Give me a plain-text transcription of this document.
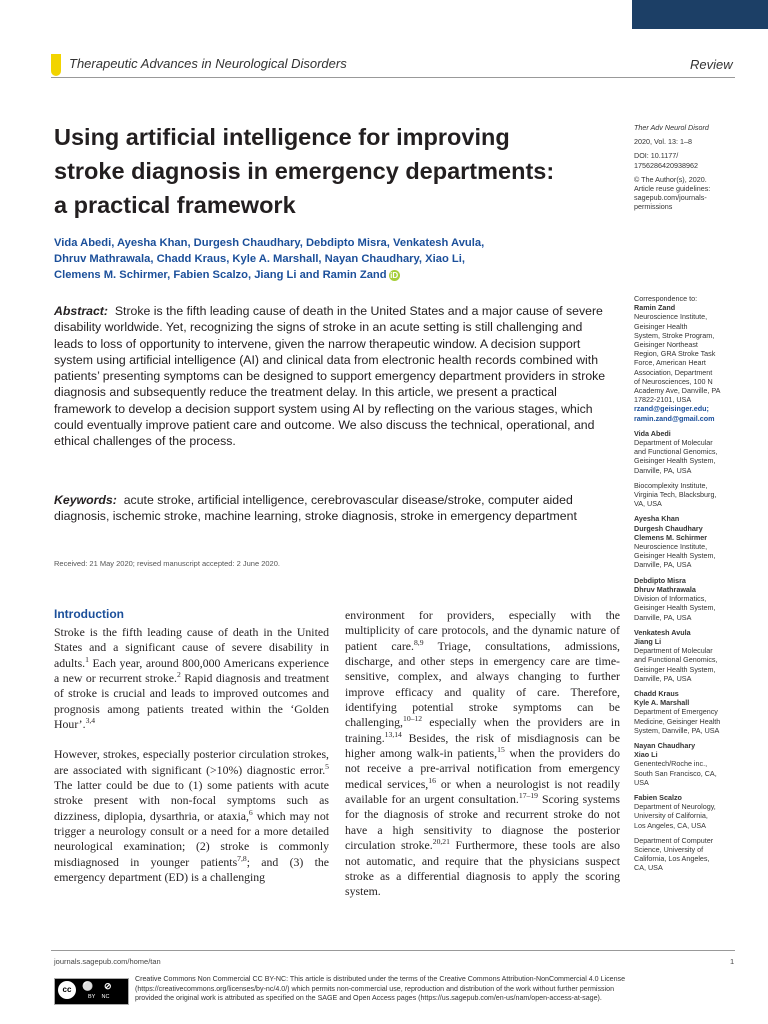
Therapeutic Advances in Neurological Disorders	Review
Using artificial intelligence for improving
stroke diagnosis in emergency departments:
a practical framework
Vida Abedi, Ayesha Khan, Durgesh Chaudhary, Debdipto Misra, Venkatesh Avula,
Dhruv Mathrawala, Chadd Kraus, Kyle A. Marshall, Nayan Chaudhary, Xiao Li,
Clemens M. Schirmer, Fabien Scalzo, Jiang Li and Ramin Zand iD
Abstract: Stroke is the fifth leading cause of death in the United States and a major cause of severe disability worldwide. Yet, recognizing the signs of stroke in an acute setting is still challenging and leads to loss of opportunity to intervene, given the narrow therapeutic window. A decision support system using artificial intelligence (AI) and clinical data from electronic health records combined with patients’ presenting symptoms can be designed to support emergency department providers in stroke diagnosis and subsequently reduce the treatment delay. In this article, we present a practical framework to develop a decision support system using AI by reflecting on the various stages, which could eventually improve patient care and outcome. We also discuss the technical, operational, and ethical challenges of the process.
Keywords: acute stroke, artificial intelligence, cerebrovascular disease/stroke, computer aided diagnosis, ischemic stroke, machine learning, stroke diagnosis, stroke in emergency department
Received: 21 May 2020; revised manuscript accepted: 2 June 2020.
Introduction

Stroke is the fifth leading cause of death in the United States and a significant cause of severe disability in adults.$^1$ Each year, around 800,000 Americans experience a new or recurrent stroke.$^2$ Rapid diagnosis and treatment of stroke is crucial and leads to improved outcomes and prognosis among patients treated within the ‘Golden Hour’.$^{3,4}$

However, strokes, especially posterior circulation strokes, are associated with significant (>10%) diagnostic error.$^5$ The latter could be due to (1) some patients with acute stroke present with non-focal symptoms such as dizziness, diplopia, dysarthria, or ataxia,$^6$ which may not trigger a neurology consult or a need for a more detailed neurological examination; (2) stroke is commonly misdiagnosed in younger patients$^{7,8}$; and (3) the emergency department (ED) is a challenging

environment for providers, especially with the multiplicity of care protocols, and the dynamic nature of patient care.$^{8,9}$ Triage, consultations, admissions, discharge, and other steps in emergency care are time-sensitive, complex, and always changing to further improve efficacy and quality of care. Therefore, identifying potential stroke symptoms can be challenging,$^{10-12}$ especially when the providers are in training.$^{13,14}$ Besides, the risk of misdiagnosis can be higher among walk-in patients,$^{15}$ when the providers do not receive a pre-arrival notification from emergency medical services,$^{16}$ or when a neurologist is not readily available for an urgent consultation.$^{17-19}$ Scoring systems for the diagnosis of stroke and recurrent stroke do not have a high sensitivity to diagnose the posterior circulation stroke.$^{20,21}$ Furthermore, these tools are also not automatic, and require that the physicians suspect stroke as a differential diagnosis to apply the scoring system.

Ther Adv Neurol Disord
2020, Vol. 13: 1–8
DOI: 10.1177/
1756286420938962
© The Author(s), 2020.
Article reuse guidelines:
sagepub.com/journals-
permissions
Correspondence to:
Ramin Zand
Neuroscience Institute,
Geisinger Health
System, Stroke Program,
Geisinger Northeast
Region, GRA Stroke Task
Force, American Heart
Association, Department
of Neurosciences, 100 N
Academy Ave, Danville, PA
17822-2101, USA
rzand@geisinger.edu;
ramin.zand@gmail.com
Vida Abedi
Department of Molecular
and Functional Genomics,
Geisinger Health System,
Danville, PA, USA
Biocomplexity Institute,
Virginia Tech, Blacksburg,
VA, USA
Ayesha Khan
Durgesh Chaudhary
Clemens M. Schirmer
Neuroscience Institute,
Geisinger Health System,
Danville, PA, USA
Debdipto Misra
Dhruv Mathrawala
Division of Informatics,
Geisinger Health System,
Danville, PA, USA
Venkatesh Avula
Jiang Li
Department of Molecular
and Functional Genomics,
Geisinger Health System,
Danville, PA, USA
Chadd Kraus
Kyle A. Marshall
Department of Emergency
Medicine, Geisinger Health
System, Danville, PA, USA
Nayan Chaudhary
Xiao Li
Genentech/Roche inc.,
South San Francisco, CA,
USA
Fabien Scalzo
Department of Neurology,
University of California,
Los Angeles, CA, USA
Department of Computer
Science, University of
California, Los Angeles,
CA, USA
journals.sagepub.com/home/tan	1
cc	⚪ ⊘
BY NC
Creative Commons Non Commercial CC BY-NC: This article is distributed under the terms of the Creative Commons Attribution-NonCommercial 4.0 License
(https://creativecommons.org/licenses/by-nc/4.0/) which permits non-commercial use, reproduction and distribution of the work without further permission
provided the original work is attributed as specified on the SAGE and Open Access pages (https://us.sagepub.com/en-us/nam/open-access-at-sage).
